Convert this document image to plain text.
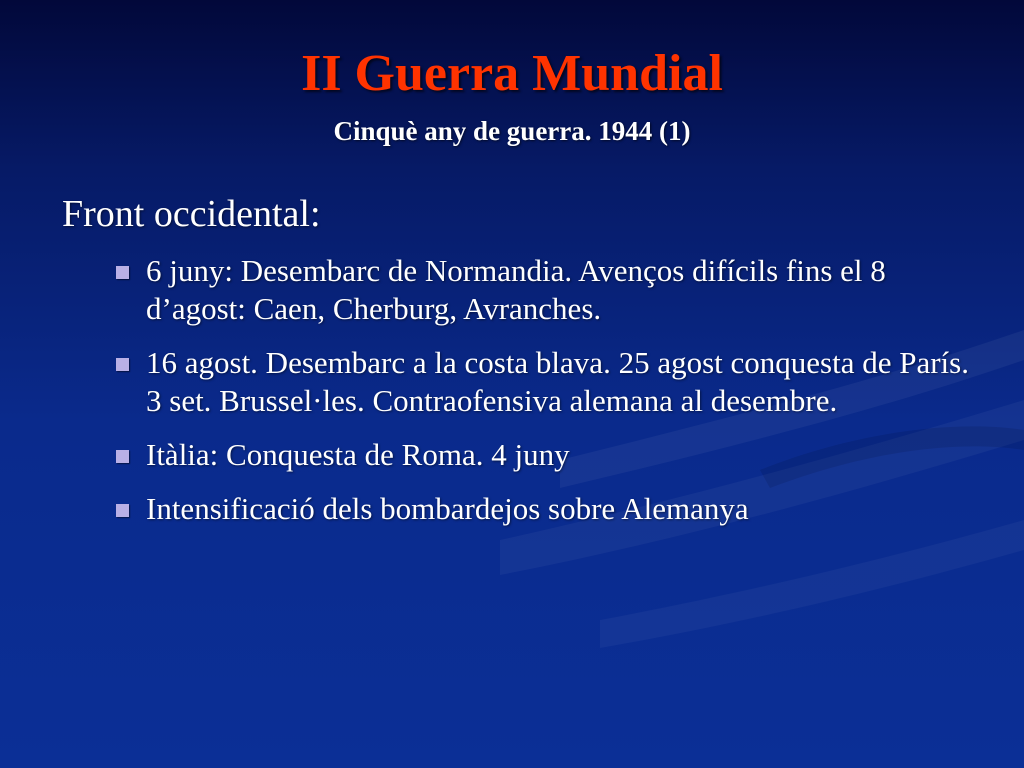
II Guerra Mundial
Cinquè any de guerra. 1944 (1)
Front occidental:
6 juny: Desembarc de Normandia. Avenços difícils fins el 8 d’agost: Caen, Cherburg, Avranches.
16 agost. Desembarc a la costa blava. 25 agost conquesta de París. 3 set. Brussel·les. Contraofensiva alemana al desembre.
Itàlia: Conquesta de Roma. 4 juny
Intensificació dels bombardejos sobre Alemanya
